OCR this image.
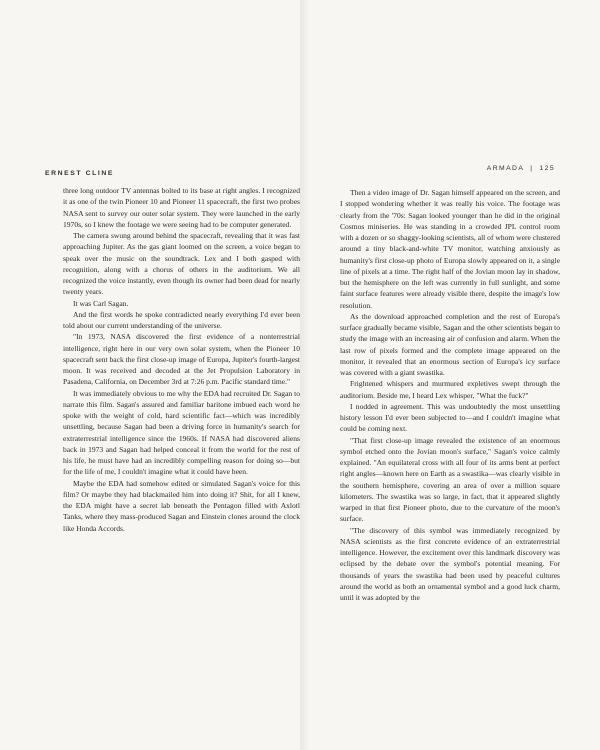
ERNEST CLINE
ARMADA | 125

three long outdoor TV antennas bolted to its base at right angles. I recognized it as one of the twin Pioneer 10 and Pioneer 11 spacecraft, the first two probes NASA sent to survey our outer solar system. They were launched in the early 1970s, so I knew the footage we were seeing had to be computer generated.

The camera swung around behind the spacecraft, revealing that it was fast approaching Jupiter. As the gas giant loomed on the screen, a voice began to speak over the music on the soundtrack. Lex and I both gasped with recognition, along with a chorus of others in the auditorium. We all recognized the voice instantly, even though its owner had been dead for nearly twenty years.

It was Carl Sagan.

And the first words he spoke contradicted nearly everything I'd ever been told about our current understanding of the universe.

"In 1973, NASA discovered the first evidence of a nonterrestrial intelligence, right here in our very own solar system, when the Pioneer 10 spacecraft sent back the first close-up image of Europa, Jupiter's fourth-largest moon. It was received and decoded at the Jet Propulsion Laboratory in Pasadena, California, on December 3rd at 7:26 p.m. Pacific standard time."

It was immediately obvious to me why the EDA had recruited Dr. Sagan to narrate this film. Sagan's assured and familiar baritone imbued each word he spoke with the weight of cold, hard scientific fact—which was incredibly unsettling, because Sagan had been a driving force in humanity's search for extraterrestrial intelligence since the 1960s. If NASA had discovered aliens back in 1973 and Sagan had helped conceal it from the world for the rest of his life, he must have had an incredibly compelling reason for doing so—but for the life of me, I couldn't imagine what it could have been.

Maybe the EDA had somehow edited or simulated Sagan's voice for this film? Or maybe they had blackmailed him into doing it? Shit, for all I knew, the EDA might have a secret lab beneath the Pentagon filled with Axlotl Tanks, where they mass-produced Sagan and Einstein clones around the clock like Honda Accords.

Then a video image of Dr. Sagan himself appeared on the screen, and I stopped wondering whether it was really his voice. The footage was clearly from the '70s: Sagan looked younger than he did in the original Cosmos miniseries. He was standing in a crowded JPL control room with a dozen or so shaggy-looking scientists, all of whom were clustered around a tiny black-and-white TV monitor, watching anxiously as humanity's first close-up photo of Europa slowly appeared on it, a single line of pixels at a time. The right half of the Jovian moon lay in shadow, but the hemisphere on the left was currently in full sunlight, and some faint surface features were already visible there, despite the image's low resolution.

As the download approached completion and the rest of Europa's surface gradually became visible, Sagan and the other scientists began to study the image with an increasing air of confusion and alarm. When the last row of pixels formed and the complete image appeared on the monitor, it revealed that an enormous section of Europa's icy surface was covered with a giant swastika.

Frightened whispers and murmured expletives swept through the auditorium. Beside me, I heard Lex whisper, "What the fuck?"

I nodded in agreement. This was undoubtedly the most unsettling history lesson I'd ever been subjected to—and I couldn't imagine what could be coming next.

"That first close-up image revealed the existence of an enormous symbol etched onto the Jovian moon's surface," Sagan's voice calmly explained. "An equilateral cross with all four of its arms bent at perfect right angles—known here on Earth as a swastika—was clearly visible in the southern hemisphere, covering an area of over a million square kilometers. The swastika was so large, in fact, that it appeared slightly warped in that first Pioneer photo, due to the curvature of the moon's surface.

"The discovery of this symbol was immediately recognized by NASA scientists as the first concrete evidence of an extraterrestrial intelligence. However, the excitement over this landmark discovery was eclipsed by the debate over the symbol's potential meaning. For thousands of years the swastika had been used by peaceful cultures around the world as both an ornamental symbol and a good luck charm, until it was adopted by the
